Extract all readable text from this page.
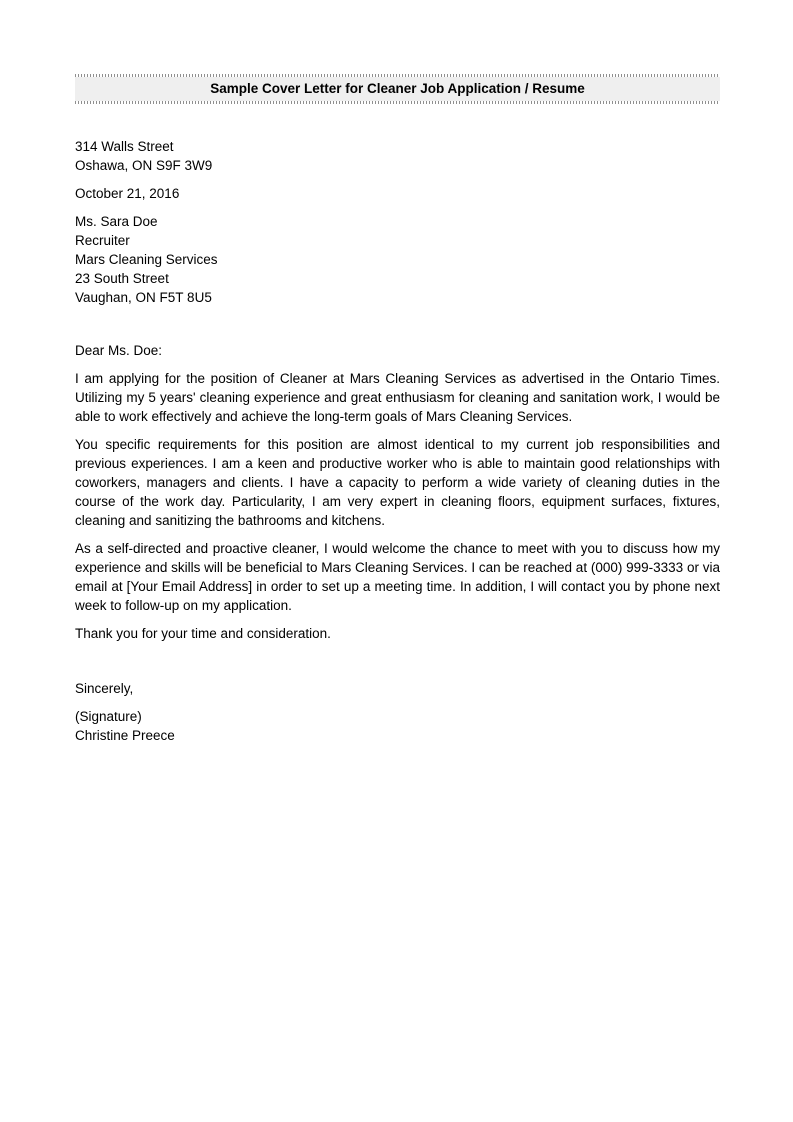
Sample Cover Letter for Cleaner Job Application / Resume
314 Walls Street
Oshawa, ON S9F 3W9
October 21, 2016
Ms. Sara Doe
Recruiter
Mars Cleaning Services
23 South Street
Vaughan, ON F5T 8U5
Dear Ms. Doe:

I am applying for the position of Cleaner at Mars Cleaning Services as advertised in the Ontario Times. Utilizing my 5 years' cleaning experience and great enthusiasm for cleaning and sanitation work, I would be able to work effectively and achieve the long-term goals of Mars Cleaning Services.

You specific requirements for this position are almost identical to my current job responsibilities and previous experiences. I am a keen and productive worker who is able to maintain good relationships with coworkers, managers and clients. I have a capacity to perform a wide variety of cleaning duties in the course of the work day. Particularity, I am very expert in cleaning floors, equipment surfaces, fixtures, cleaning and sanitizing the bathrooms and kitchens.

As a self-directed and proactive cleaner, I would welcome the chance to meet with you to discuss how my experience and skills will be beneficial to Mars Cleaning Services. I can be reached at (000) 999-3333 or via email at [Your Email Address] in order to set up a meeting time. In addition, I will contact you by phone next week to follow-up on my application.

Thank you for your time and consideration.

Sincerely,
(Signature)
Christine Preece
